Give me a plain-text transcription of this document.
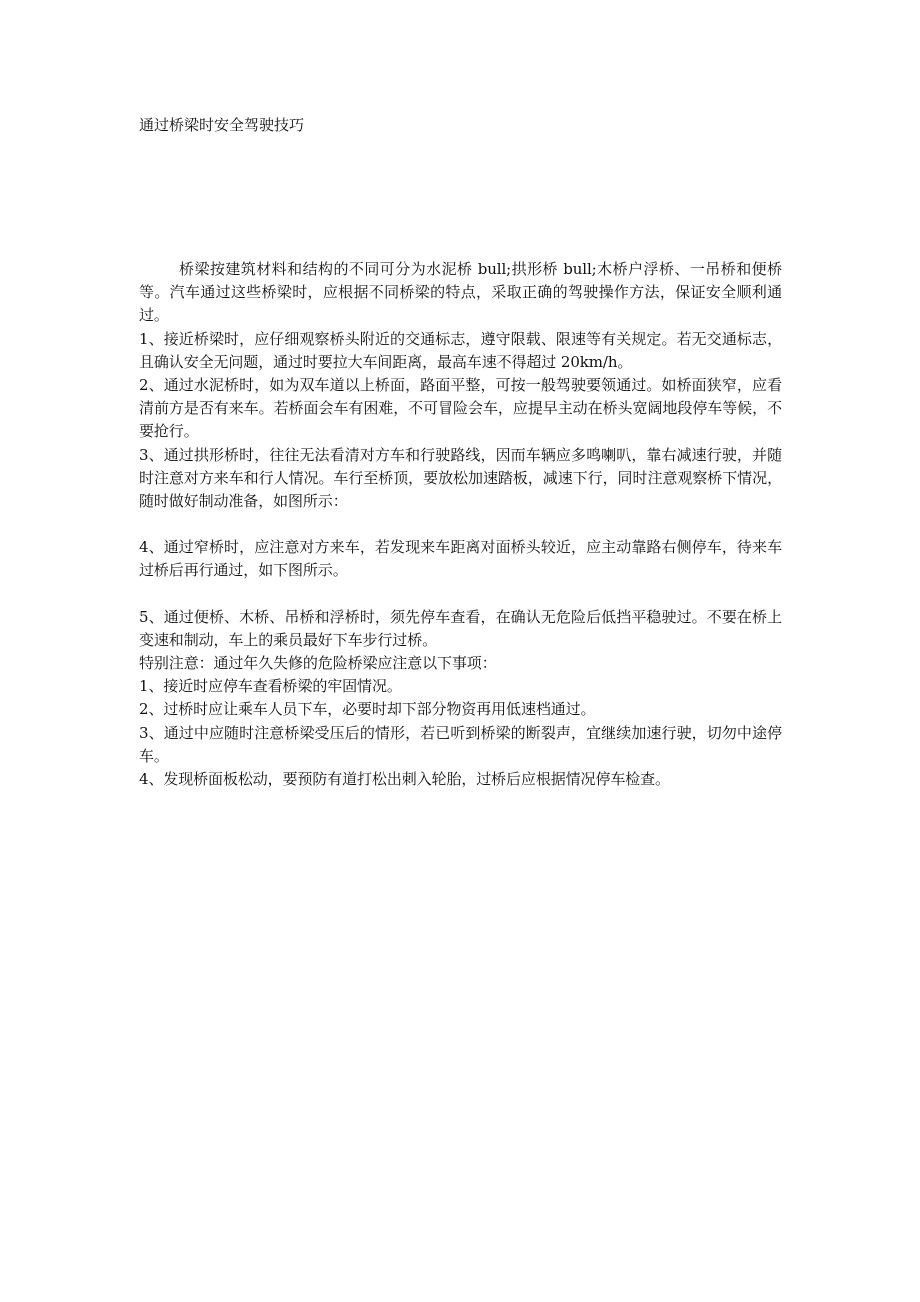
通过桥梁时安全驾驶技巧

桥梁按建筑材料和结构的不同可分为水泥桥 bull;拱形桥 bull;木桥户浮桥、一吊桥和便桥等。汽车通过这些桥梁时，应根据不同桥梁的特点，采取正确的驾驶操作方法，保证安全顺利通过。

1、接近桥梁时，应仔细观察桥头附近的交通标志，遵守限载、限速等有关规定。若无交通标志，且确认安全无问题，通过时要拉大车间距离，最高车速不得超过 20km/h。

2、通过水泥桥时，如为双车道以上桥面，路面平整，可按一般驾驶要领通过。如桥面狭窄，应看清前方是否有来车。若桥面会车有困难，不可冒险会车，应提早主动在桥头宽阔地段停车等候，不要抢行。

3、通过拱形桥时，往往无法看清对方车和行驶路线，因而车辆应多鸣喇叭，靠右减速行驶，并随时注意对方来车和行人情况。车行至桥顶，要放松加速踏板，减速下行，同时注意观察桥下情况，随时做好制动准备，如图所示：

4、通过窄桥时，应注意对方来车，若发现来车距离对面桥头较近，应主动靠路右侧停车，待来车过桥后再行通过，如下图所示。

5、通过便桥、木桥、吊桥和浮桥时，须先停车查看，在确认无危险后低挡平稳驶过。不要在桥上变速和制动，车上的乘员最好下车步行过桥。

特别注意：通过年久失修的危险桥梁应注意以下事项：

1、接近时应停车查看桥梁的牢固情况。

2、过桥时应让乘车人员下车，必要时却下部分物资再用低速档通过。

3、通过中应随时注意桥梁受压后的情形，若已听到桥梁的断裂声，宜继续加速行驶，切勿中途停车。

4、发现桥面板松动，要预防有道打松出刺入轮胎，过桥后应根据情况停车检查。
